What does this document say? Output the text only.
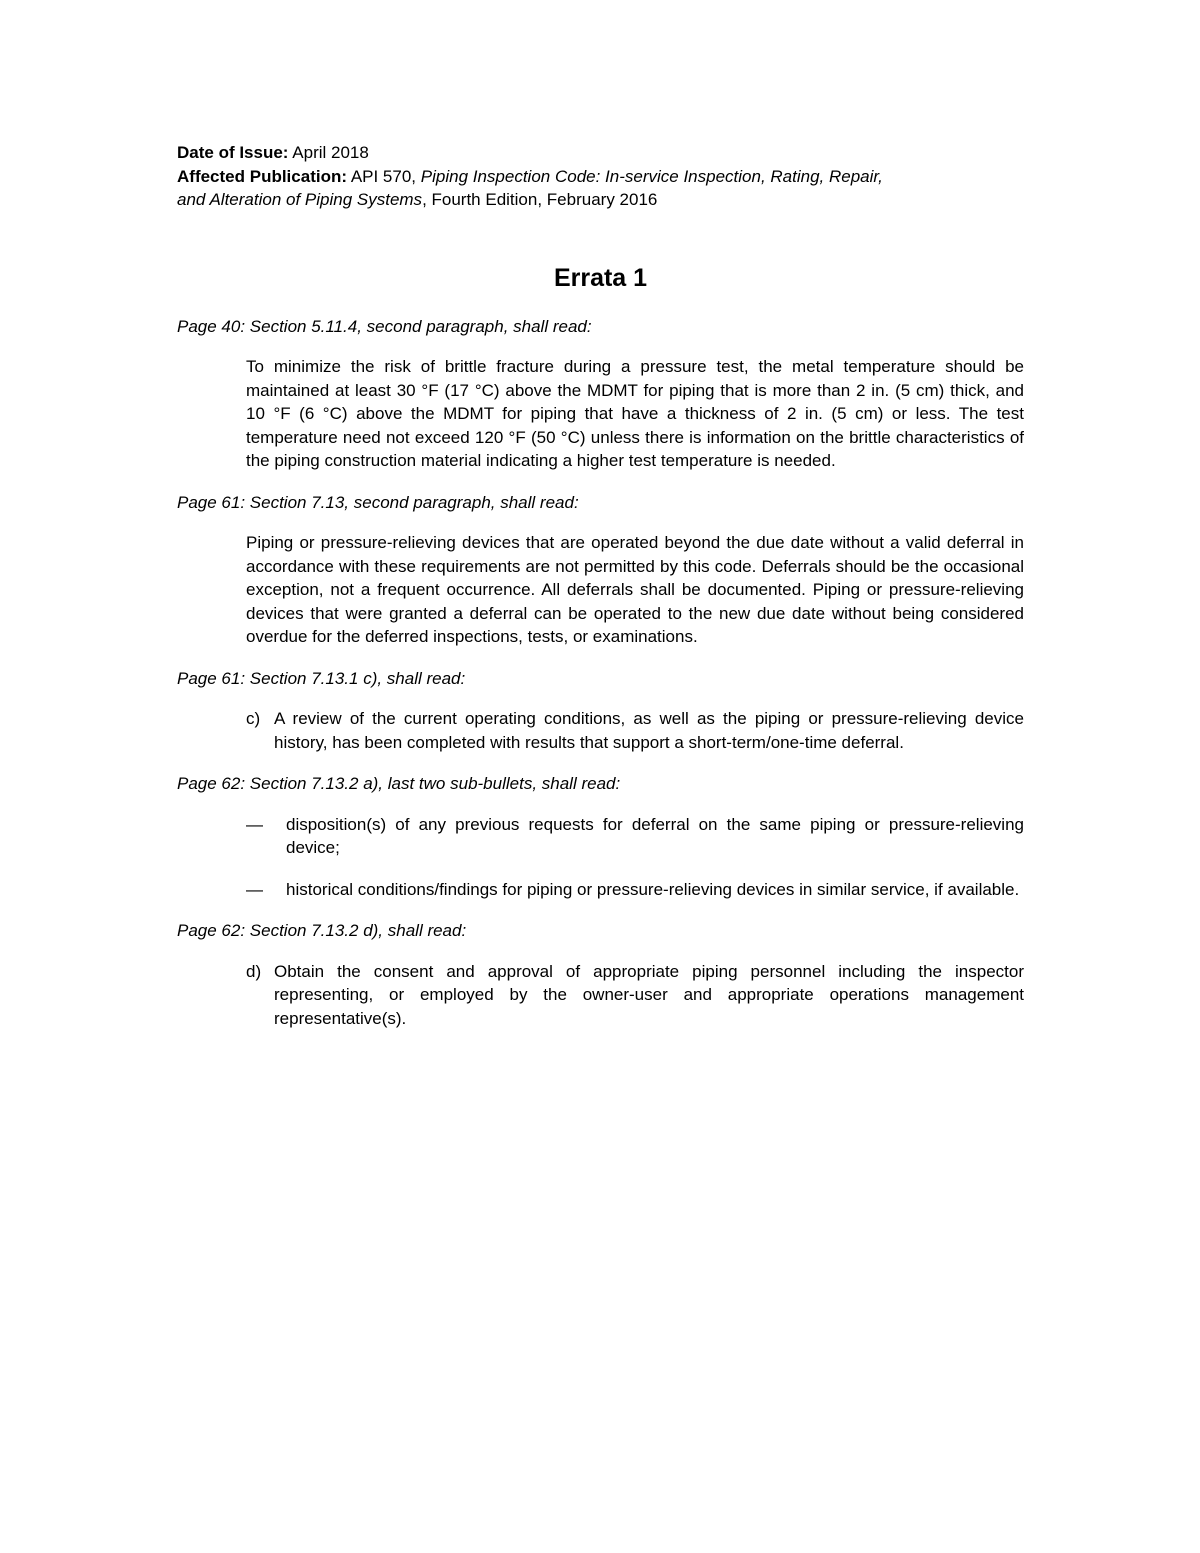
Date of Issue: April 2018

Affected Publication: API 570, Piping Inspection Code: In-service Inspection, Rating, Repair,
and Alteration of Piping Systems, Fourth Edition, February 2016

Errata 1
Page 40: Section 5.11.4, second paragraph, shall read:
To minimize the risk of brittle fracture during a pressure test, the metal temperature should be maintained at least 30 °F (17 °C) above the MDMT for piping that is more than 2 in. (5 cm) thick, and 10 °F (6 °C) above the MDMT for piping that have a thickness of 2 in. (5 cm) or less. The test temperature need not exceed 120 °F (50 °C) unless there is information on the brittle characteristics of the piping construction material indicating a higher test temperature is needed.
Page 61: Section 7.13, second paragraph, shall read:
Piping or pressure-relieving devices that are operated beyond the due date without a valid deferral in accordance with these requirements are not permitted by this code. Deferrals should be the occasional exception, not a frequent occurrence. All deferrals shall be documented. Piping or pressure-relieving devices that were granted a deferral can be operated to the new due date without being considered overdue for the deferred inspections, tests, or examinations.
Page 61: Section 7.13.1 c), shall read:
c) A review of the current operating conditions, as well as the piping or pressure-relieving device history, has been completed with results that support a short-term/one-time deferral.
Page 62: Section 7.13.2 a), last two sub-bullets, shall read:
—	disposition(s) of any previous requests for deferral on the same piping or pressure-relieving device;
—	historical conditions/findings for piping or pressure-relieving devices in similar service, if available.
Page 62: Section 7.13.2 d), shall read:
d) Obtain the consent and approval of appropriate piping personnel including the inspector representing, or employed by the owner-user and appropriate operations management representative(s).
